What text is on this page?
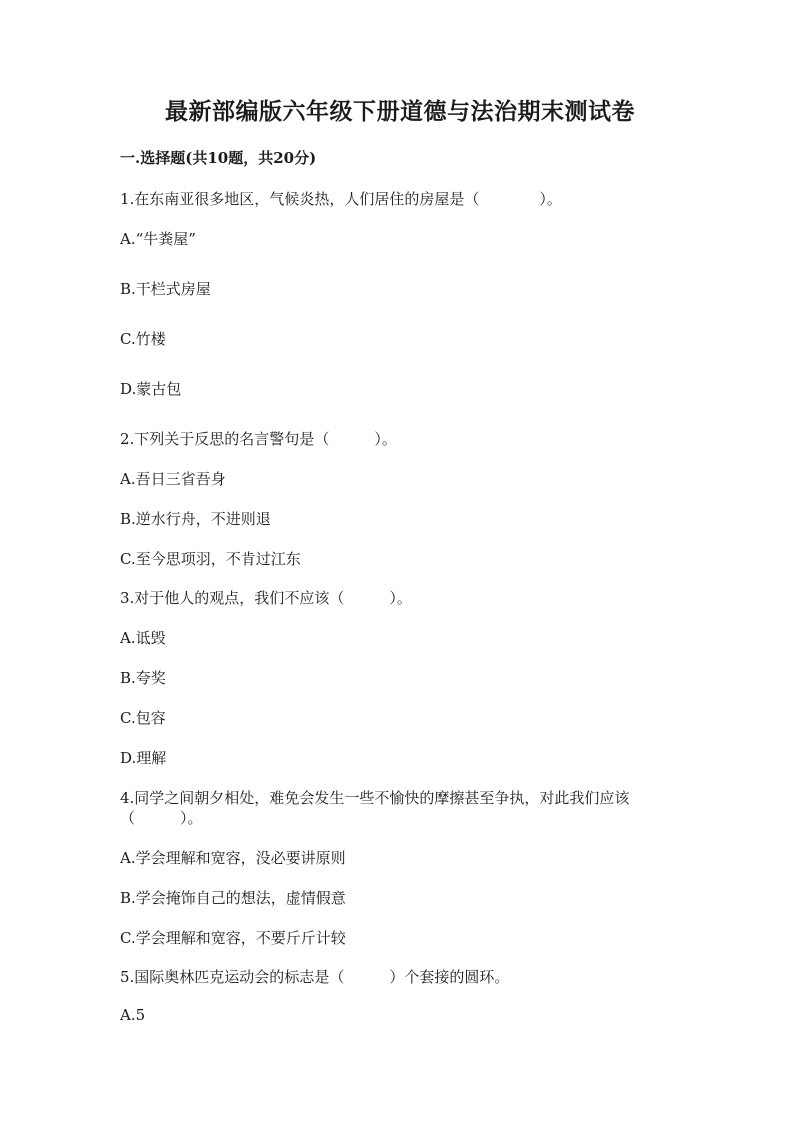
最新部编版六年级下册道德与法治期末测试卷
一.选择题(共10题，共20分)
1.在东南亚很多地区，气候炎热，人们居住的房屋是（　　　　）。
A.“牛粪屋”
B.干栏式房屋
C.竹楼
D.蒙古包
2.下列关于反思的名言警句是（　　　）。
A.吾日三省吾身
B.逆水行舟，不进则退
C.至今思项羽，不肯过江东
3.对于他人的观点，我们不应该（　　　）。
A.诋毁
B.夸奖
C.包容
D.理解
4.同学之间朝夕相处，难免会发生一些不愉快的摩擦甚至争执，对此我们应该
（　　　）。
A.学会理解和宽容，没必要讲原则
B.学会掩饰自己的想法，虚情假意
C.学会理解和宽容，不要斤斤计较
5.国际奥林匹克运动会的标志是（　　　）个套接的圆环。
A.5
